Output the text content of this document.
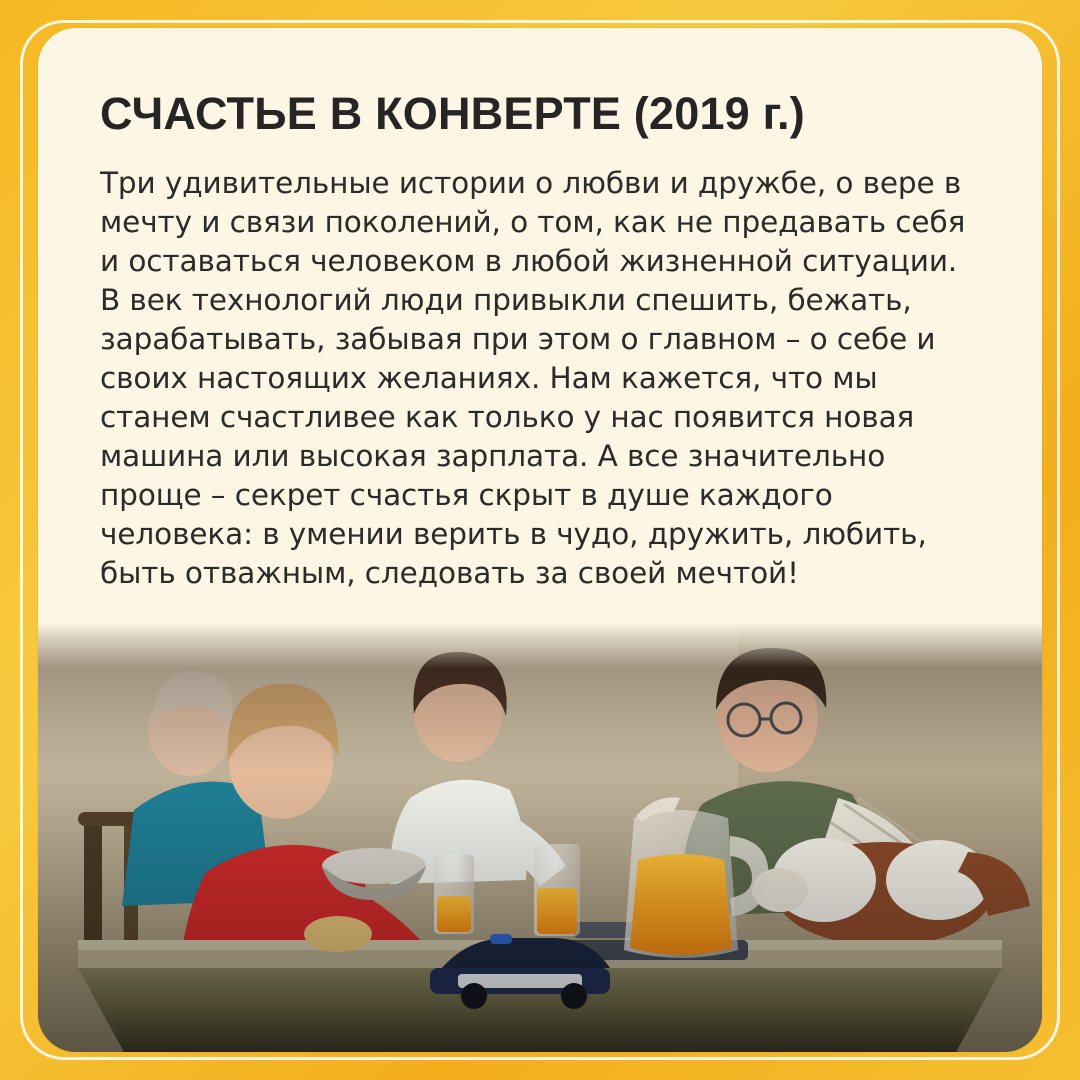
СЧАСТЬЕ В КОНВЕРТЕ (2019 г.)

Три удивительные истории о любви и дружбе, о вере в мечту и связи поколений, о том, как не предавать себя и оставаться человеком в любой жизненной ситуации. В век технологий люди привыкли спешить, бежать, зарабатывать, забывая при этом о главном – о себе и своих настоящих желаниях. Нам кажется, что мы станем счастливее как только у нас появится новая машина или высокая зарплата. А все значительно проще – секрет счастья скрыт в душе каждого человека: в умении верить в чудо, дружить, любить, быть отважным, следовать за своей мечтой!
